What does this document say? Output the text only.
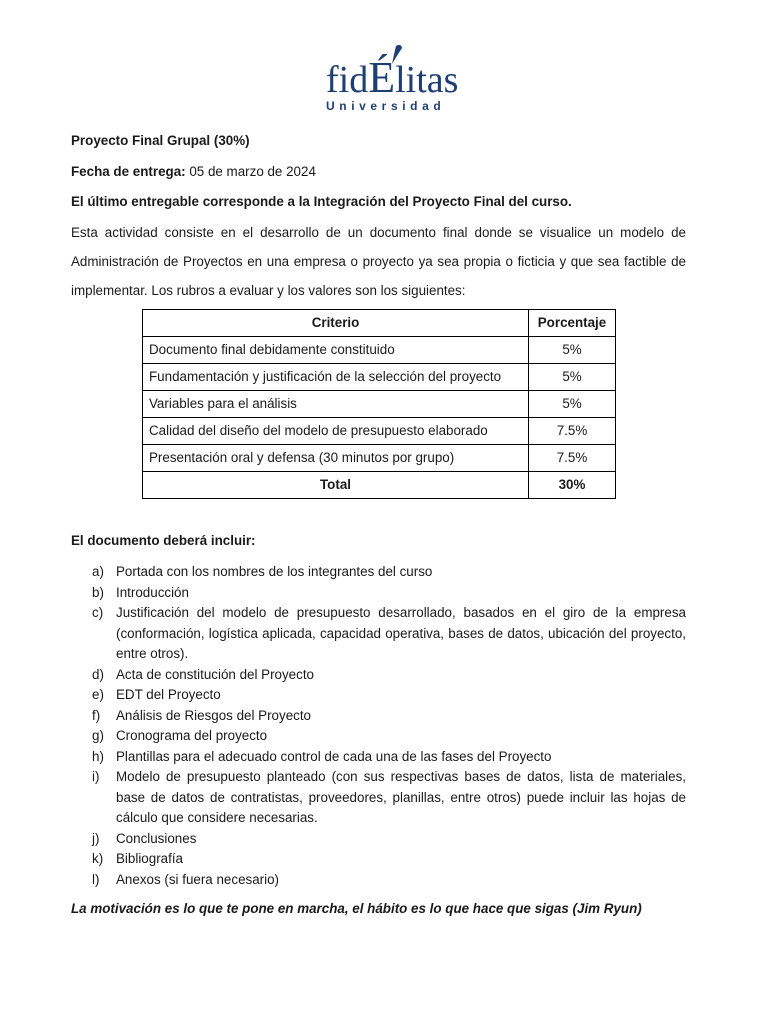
fidÉlitas
Universidad

Proyecto Final Grupal (30%)

Fecha de entrega: 05 de marzo de 2024

El último entregable corresponde a la Integración del Proyecto Final del curso.

Esta actividad consiste en el desarrollo de un documento final donde se visualice un modelo de Administración de Proyectos en una empresa o proyecto ya sea propia o ficticia y que sea factible de implementar. Los rubros a evaluar y los valores son los siguientes:

Criterio	Porcentaje
Documento final debidamente constituido	5%
Fundamentación y justificación de la selección del proyecto	5%
Variables para el análisis	5%
Calidad del diseño del modelo de presupuesto elaborado	7.5%
Presentación oral y defensa (30 minutos por grupo)	7.5%
Total	30%

El documento deberá incluir:

a) Portada con los nombres de los integrantes del curso
b) Introducción
c) Justificación del modelo de presupuesto desarrollado, basados en el giro de la empresa (conformación, logística aplicada, capacidad operativa, bases de datos, ubicación del proyecto, entre otros).
d) Acta de constitución del Proyecto
e) EDT del Proyecto
f) Análisis de Riesgos del Proyecto
g) Cronograma del proyecto
h) Plantillas para el adecuado control de cada una de las fases del Proyecto
i) Modelo de presupuesto planteado (con sus respectivas bases de datos, lista de materiales, base de datos de contratistas, proveedores, planillas, entre otros) puede incluir las hojas de cálculo que considere necesarias.
j) Conclusiones
k) Bibliografía
l) Anexos (si fuera necesario)

La motivación es lo que te pone en marcha, el hábito es lo que hace que sigas (Jim Ryun)
